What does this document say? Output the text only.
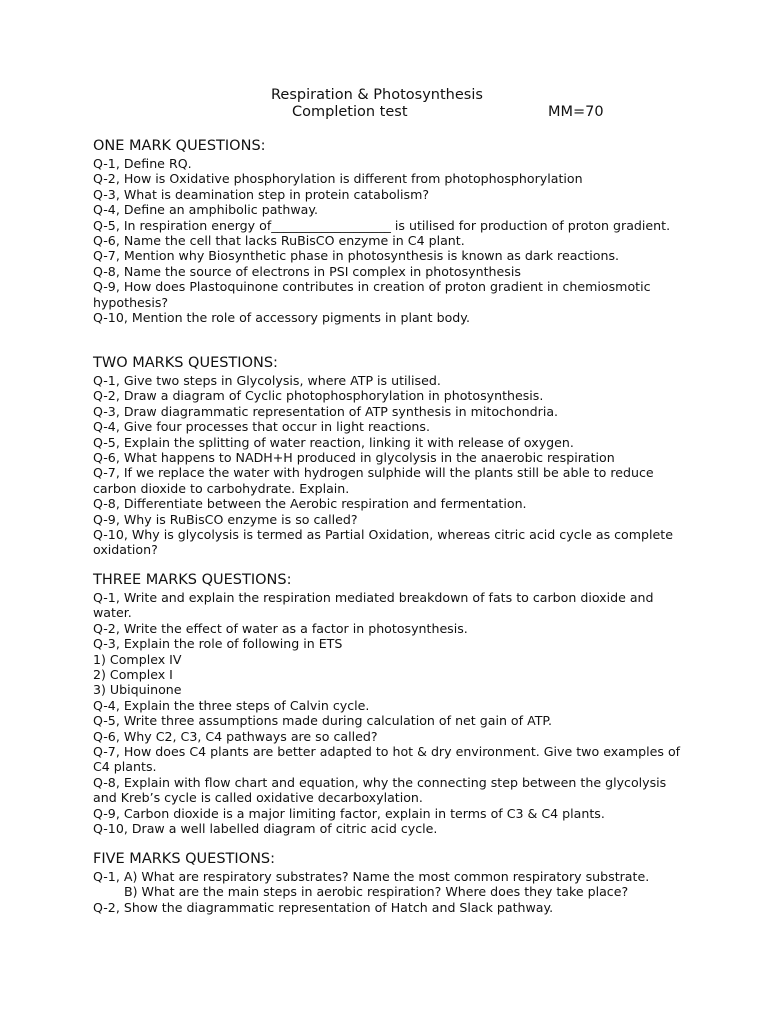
Respiration & Photosynthesis
Completion test	MM=70
ONE MARK QUESTIONS:
Q-1, Define RQ.
Q-2, How is Oxidative phosphorylation is different from photophosphorylation
Q-3, What is deamination step in protein catabolism?
Q-4, Define an amphibolic pathway.
Q-5, In respiration energy of___________________ is utilised for production of proton gradient.
Q-6, Name the cell that lacks RuBisCO enzyme in C4 plant.
Q-7, Mention why Biosynthetic phase in photosynthesis is known as dark reactions.
Q-8, Name the source of electrons in PSI complex in photosynthesis
Q-9, How does Plastoquinone contributes in creation of proton gradient in chemiosmotic hypothesis?
Q-10, Mention the role of accessory pigments in plant body.
TWO MARKS QUESTIONS:
Q-1, Give two steps in Glycolysis, where ATP is utilised.
Q-2, Draw a diagram of Cyclic photophosphorylation in photosynthesis.
Q-3, Draw diagrammatic representation of ATP synthesis in mitochondria.
Q-4, Give four processes that occur in light reactions.
Q-5, Explain the splitting of water reaction, linking it with release of oxygen.
Q-6, What happens to NADH+H produced in glycolysis in the anaerobic respiration
Q-7, If we replace the water with hydrogen sulphide will the plants still be able to reduce carbon dioxide to carbohydrate. Explain.
Q-8, Differentiate between the Aerobic respiration and fermentation.
Q-9, Why is RuBisCO enzyme is so called?
Q-10, Why is glycolysis is termed as Partial Oxidation, whereas citric acid cycle as complete oxidation?
THREE MARKS QUESTIONS:
Q-1, Write and explain the respiration mediated breakdown of fats to carbon dioxide and water.
Q-2, Write the effect of water as a factor in photosynthesis.
Q-3, Explain the role of following in ETS
1) Complex IV
2) Complex I
3) Ubiquinone
Q-4, Explain the three steps of Calvin cycle.
Q-5, Write three assumptions made during calculation of net gain of ATP.
Q-6, Why C2, C3, C4 pathways are so called?
Q-7, How does C4 plants are better adapted to hot & dry environment. Give two examples of C4 plants.
Q-8, Explain with flow chart and equation, why the connecting step between the glycolysis and Kreb’s cycle is called oxidative decarboxylation.
Q-9, Carbon dioxide is a major limiting factor, explain in terms of C3 & C4 plants.
Q-10, Draw a well labelled diagram of citric acid cycle.
FIVE MARKS QUESTIONS:
Q-1, A) What are respiratory substrates? Name the most common respiratory substrate.
B) What are the main steps in aerobic respiration? Where does they take place?
Q-2, Show the diagrammatic representation of Hatch and Slack pathway.
